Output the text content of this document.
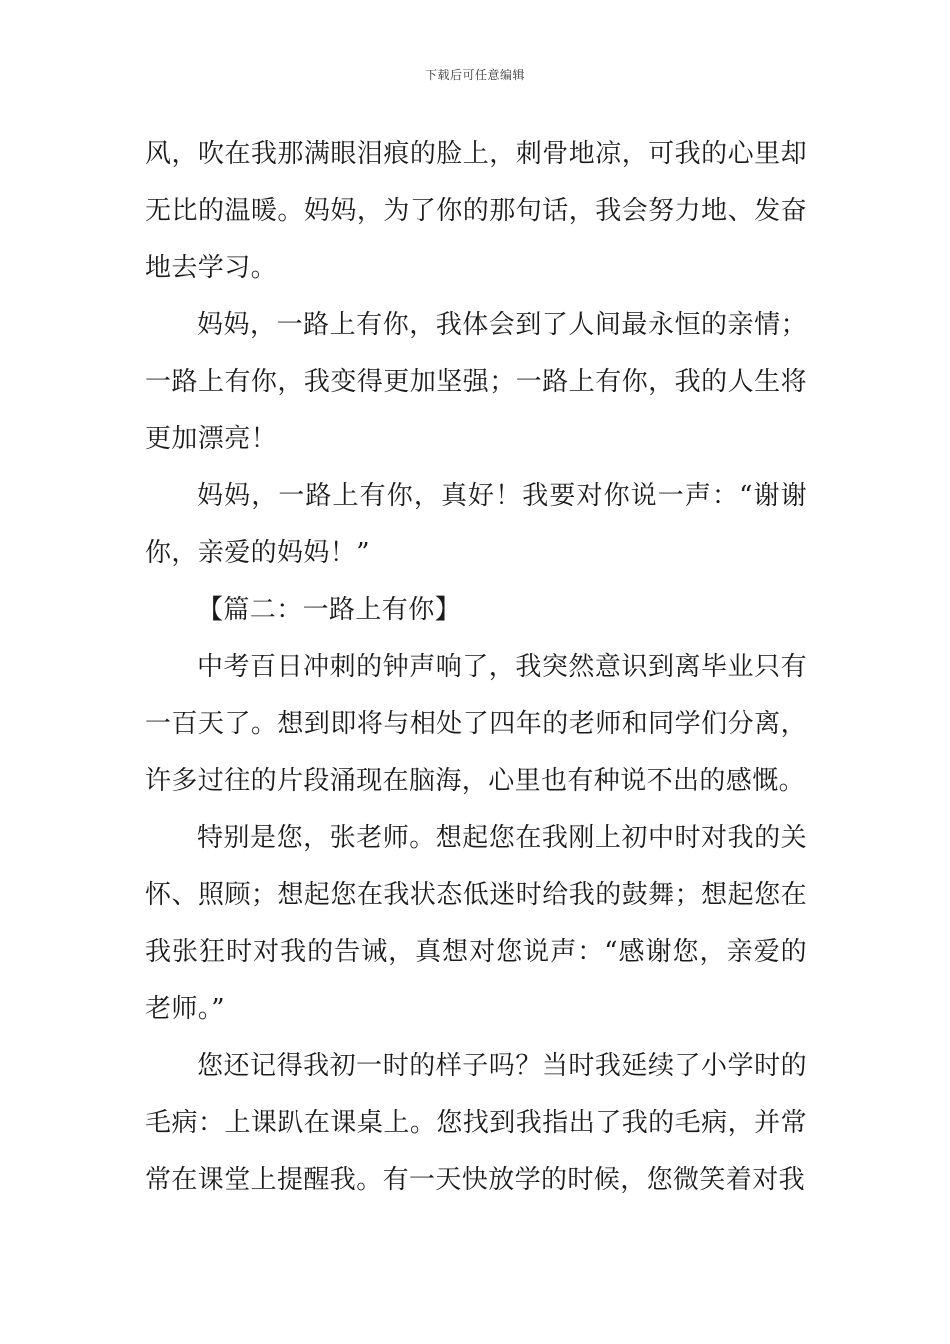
下载后可任意编辑

风，吹在我那满眼泪痕的脸上，刺骨地凉，可我的心里却无比的温暖。妈妈，为了你的那句话，我会努力地、发奋地去学习。

妈妈，一路上有你，我体会到了人间最永恒的亲情；一路上有你，我变得更加坚强；一路上有你，我的人生将更加漂亮！

妈妈，一路上有你，真好！我要对你说一声：“谢谢你，亲爱的妈妈！”

【篇二：一路上有你】

中考百日冲刺的钟声响了，我突然意识到离毕业只有一百天了。想到即将与相处了四年的老师和同学们分离，许多过往的片段涌现在脑海，心里也有种说不出的感慨。

特别是您，张老师。想起您在我刚上初中时对我的关怀、照顾；想起您在我状态低迷时给我的鼓舞；想起您在我张狂时对我的告诫，真想对您说声：“感谢您，亲爱的老师。”

您还记得我初一时的样子吗？当时我延续了小学时的毛病：上课趴在课桌上。您找到我指出了我的毛病，并常常在课堂上提醒我。有一天快放学的时候，您微笑着对我
